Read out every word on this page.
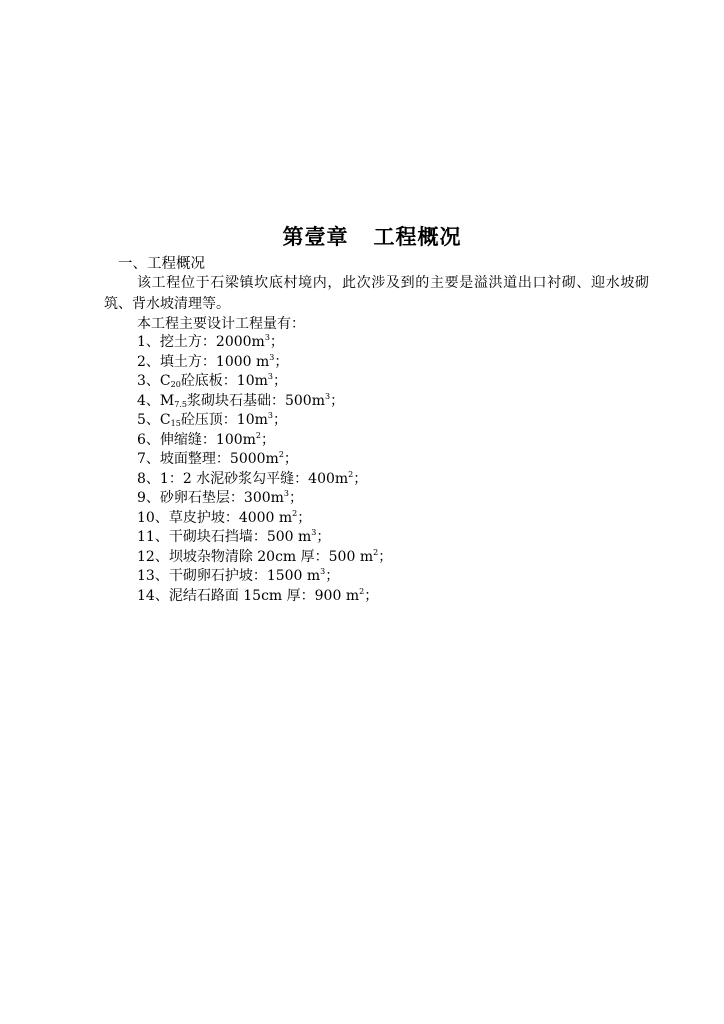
第壹章   工程概况
一、工程概况
该工程位于石梁镇坎底村境内，此次涉及到的主要是溢洪道出口衬砌、迎水坡砌筑、背水坡清理等。
本工程主要设计工程量有：
1、挖土方：$2000m^3$；
2、填土方：1000 $m^3$；
3、$C_{20}$砼底板：$10m^3$；
4、$M_{7.5}$浆砌块石基础：$500m^3$；
5、$C_{15}$砼压顶：$10m^3$；
6、伸缩缝：$100m^2$；
7、坡面整理：$5000m^2$；
8、1：2 水泥砂浆勾平缝：$400m^2$；
9、砂卵石垫层：$300m^3$；
10、草皮护坡：4000 $m^2$；
11、干砌块石挡墙：500 $m^3$；
12、坝坡杂物清除 20cm 厚：500 $m^2$；
13、干砌卵石护坡：1500 $m^3$；
14、泥结石路面 15cm 厚：900 $m^2$；
